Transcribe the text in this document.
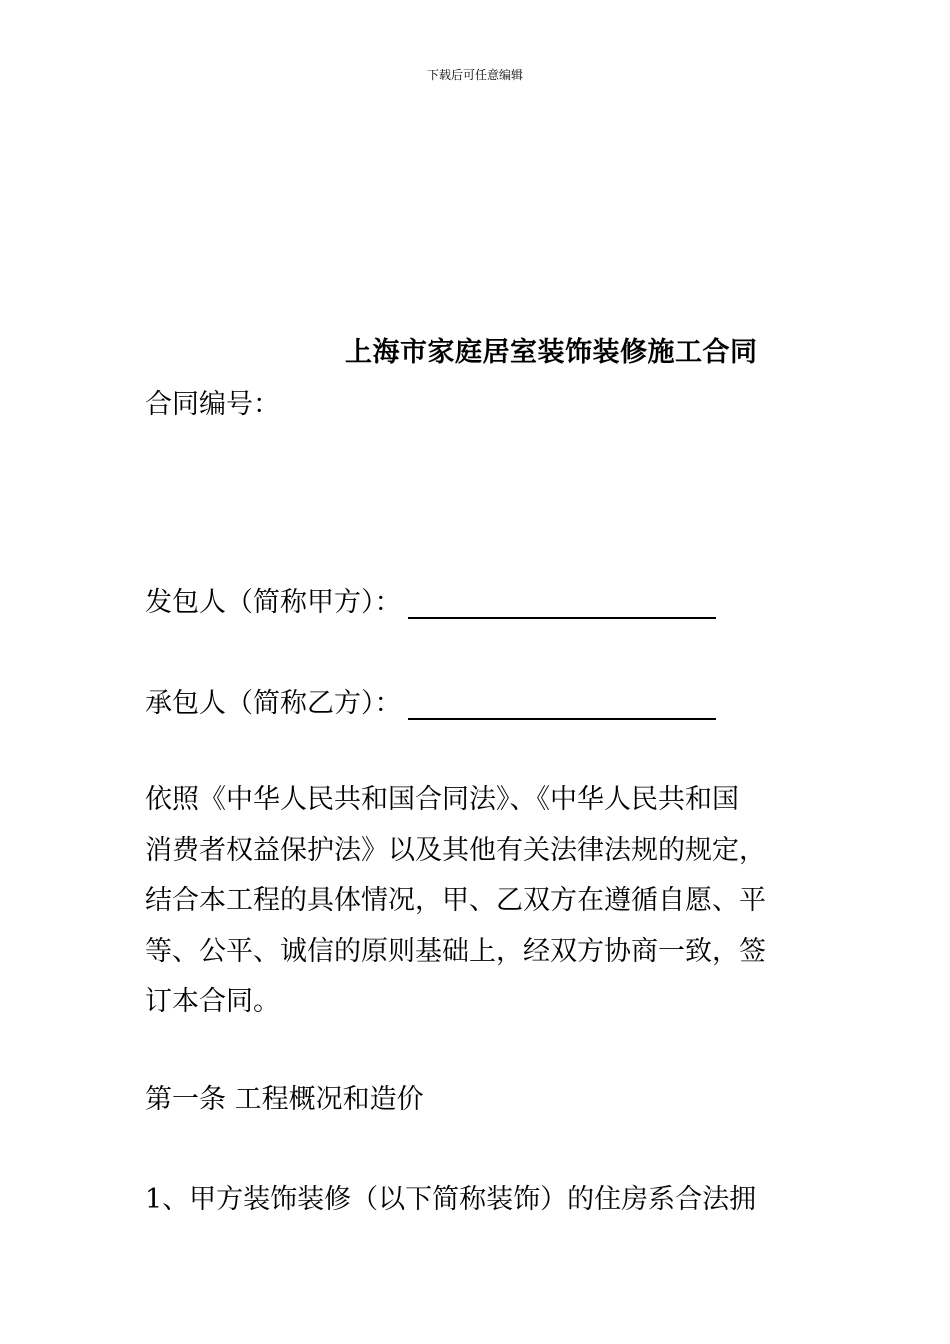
下载后可任意编辑
上海市家庭居室装饰装修施工合同
合同编号：
发包人（简称甲方）：
承包人（简称乙方）：
依照《中华人民共和国合同法》、《中华人民共和国
消费者权益保护法》以及其他有关法律法规的规定，
结合本工程的具体情况，甲、乙双方在遵循自愿、平
等、公平、诚信的原则基础上，经双方协商一致，签
订本合同。
第一条 工程概况和造价
1、甲方装饰装修（以下简称装饰）的住房系合法拥
